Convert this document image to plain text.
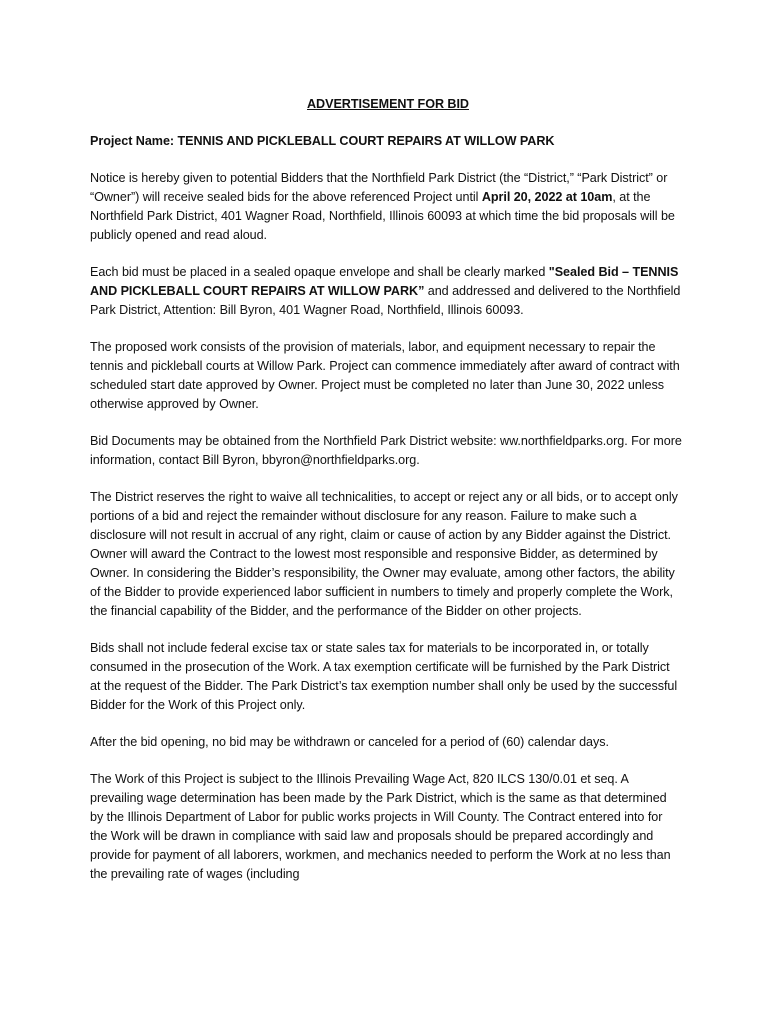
ADVERTISEMENT FOR BID
Project Name: TENNIS AND PICKLEBALL COURT REPAIRS AT WILLOW PARK

Notice is hereby given to potential Bidders that the Northfield Park District (the “District,” “Park District” or “Owner”) will receive sealed bids for the above referenced Project until April 20, 2022 at 10am, at the Northfield Park District, 401 Wagner Road, Northfield, Illinois 60093 at which time the bid proposals will be publicly opened and read aloud.

Each bid must be placed in a sealed opaque envelope and shall be clearly marked "Sealed Bid – TENNIS AND PICKLEBALL COURT REPAIRS AT WILLOW PARK” and addressed and delivered to the Northfield Park District, Attention: Bill Byron, 401 Wagner Road, Northfield, Illinois 60093.

The proposed work consists of the provision of materials, labor, and equipment necessary to repair the tennis and pickleball courts at Willow Park. Project can commence immediately after award of contract with scheduled start date approved by Owner. Project must be completed no later than June 30, 2022 unless otherwise approved by Owner.

Bid Documents may be obtained from the Northfield Park District website: ww.northfieldparks.org. For more information, contact Bill Byron, bbyron@northfieldparks.org.

The District reserves the right to waive all technicalities, to accept or reject any or all bids, or to accept only portions of a bid and reject the remainder without disclosure for any reason. Failure to make such a disclosure will not result in accrual of any right, claim or cause of action by any Bidder against the District. Owner will award the Contract to the lowest most responsible and responsive Bidder, as determined by Owner. In considering the Bidder’s responsibility, the Owner may evaluate, among other factors, the ability of the Bidder to provide experienced labor sufficient in numbers to timely and properly complete the Work, the financial capability of the Bidder, and the performance of the Bidder on other projects.

Bids shall not include federal excise tax or state sales tax for materials to be incorporated in, or totally consumed in the prosecution of the Work. A tax exemption certificate will be furnished by the Park District at the request of the Bidder. The Park District’s tax exemption number shall only be used by the successful Bidder for the Work of this Project only.

After the bid opening, no bid may be withdrawn or canceled for a period of (60) calendar days.

The Work of this Project is subject to the Illinois Prevailing Wage Act, 820 ILCS 130/0.01 et seq. A prevailing wage determination has been made by the Park District, which is the same as that determined by the Illinois Department of Labor for public works projects in Will County. The Contract entered into for the Work will be drawn in compliance with said law and proposals should be prepared accordingly and provide for payment of all laborers, workmen, and mechanics needed to perform the Work at no less than the prevailing rate of wages (including
